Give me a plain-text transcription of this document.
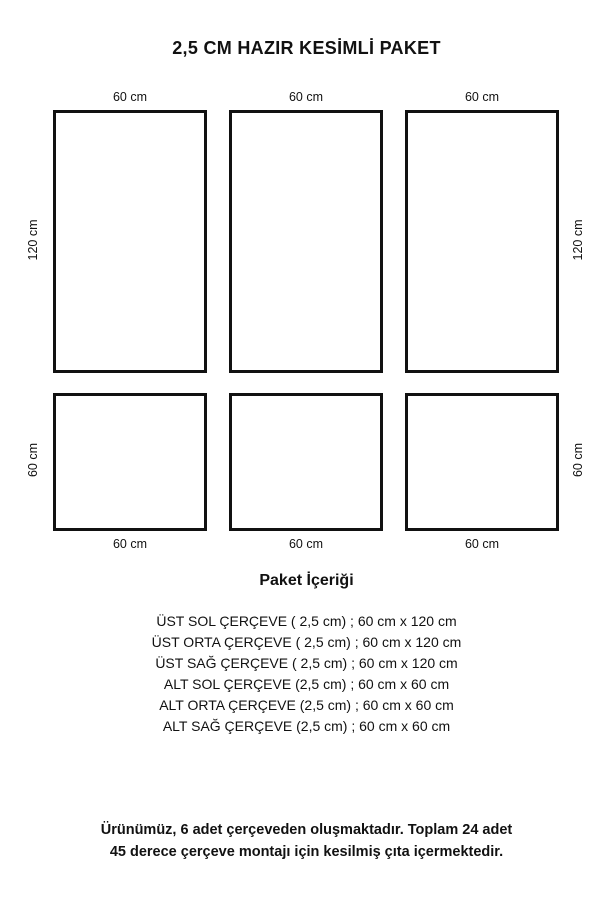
2,5 CM HAZIR KESİMLİ PAKET
60 cm	60 cm	60 cm
120 cm	120 cm
60 cm	60 cm
60 cm	60 cm	60 cm
Paket İçeriği
ÜST SOL ÇERÇEVE ( 2,5 cm) ; 60 cm x 120 cm
ÜST ORTA ÇERÇEVE ( 2,5 cm) ; 60 cm x 120 cm
ÜST SAĞ ÇERÇEVE ( 2,5 cm) ; 60 cm x 120 cm
ALT SOL ÇERÇEVE (2,5 cm) ; 60 cm x 60 cm
ALT ORTA ÇERÇEVE (2,5 cm) ; 60 cm x 60 cm
ALT SAĞ ÇERÇEVE (2,5 cm) ; 60 cm x 60 cm
Ürünümüz, 6 adet çerçeveden oluşmaktadır. Toplam 24 adet
45 derece çerçeve montajı için kesilmiş çıta içermektedir.
